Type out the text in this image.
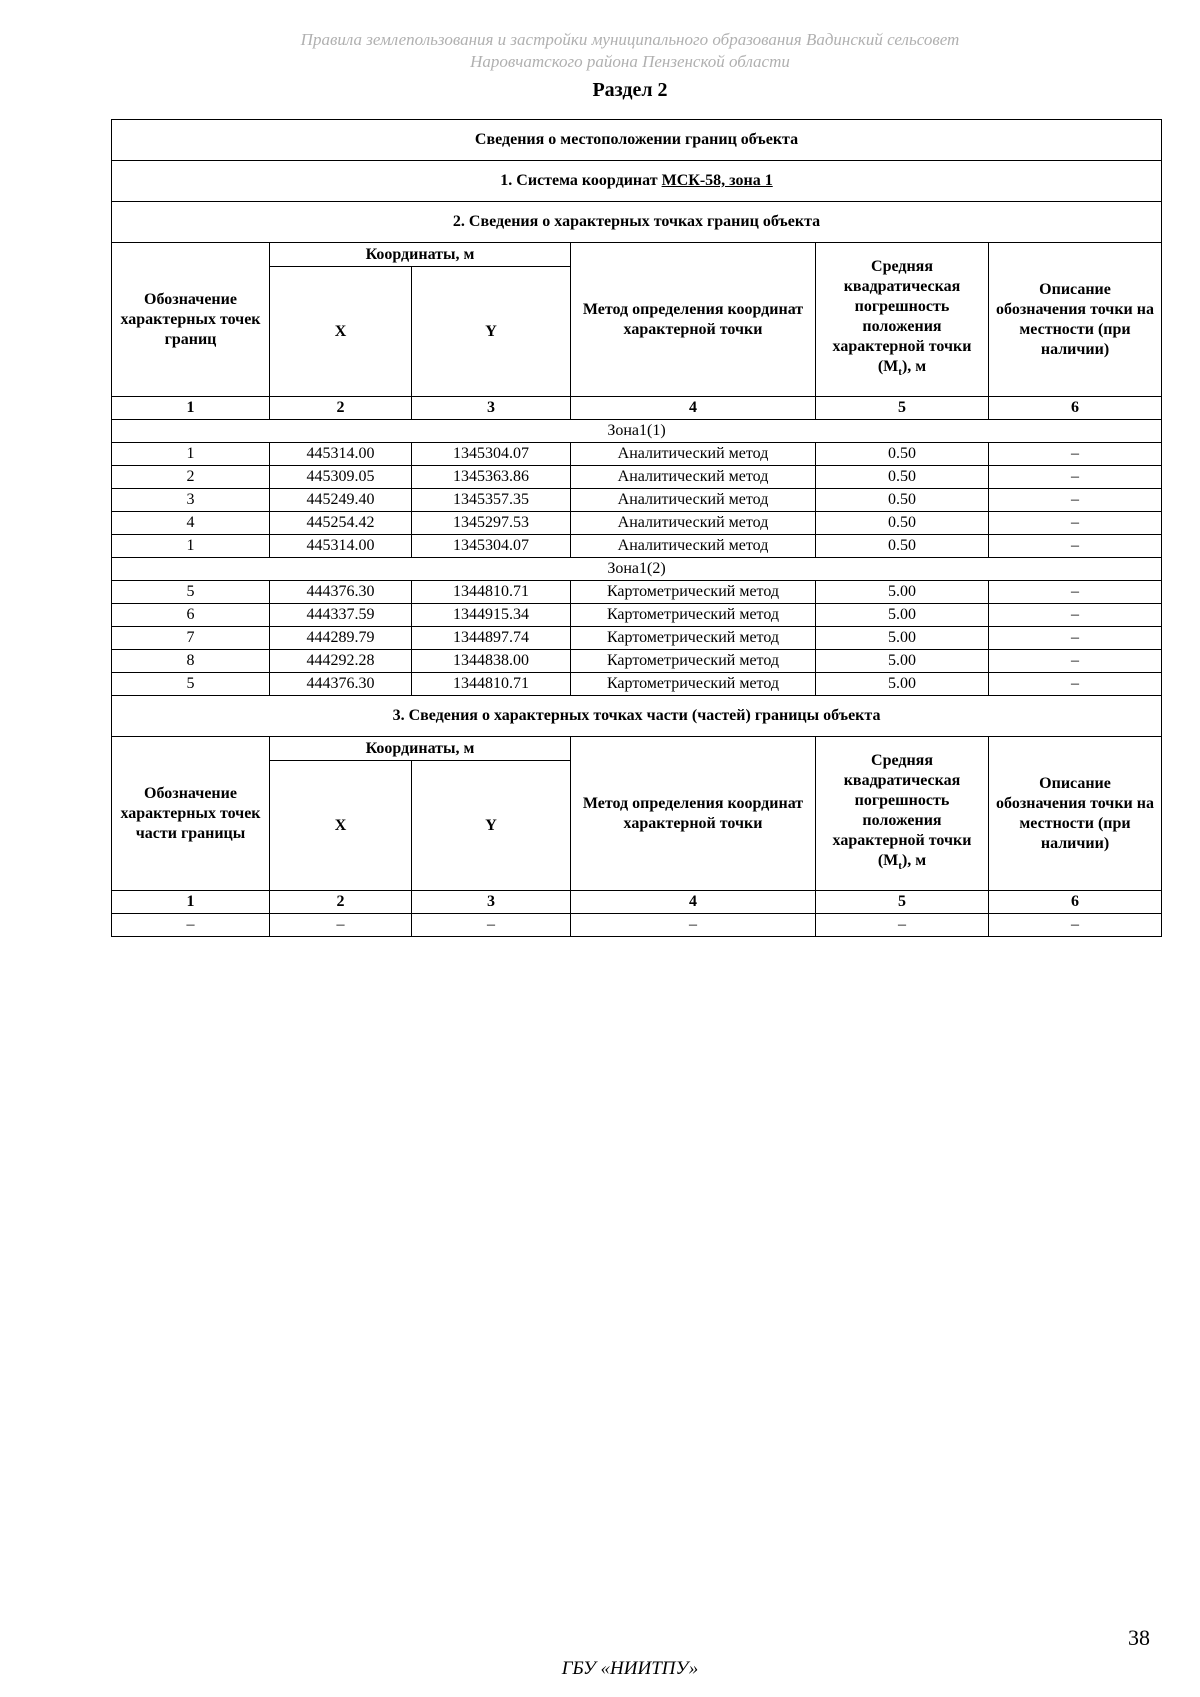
Правила землепользования и застройки муниципального образования Вадинский сельсовет
Наровчатского района Пензенской области
Раздел 2
Сведения о местоположении границ объекта					
1. Система координат МСК-58, зона 1					
2. Сведения о характерных точках границ объекта					
Обозначение характерных точек границ	Координаты, м		Метод определения координат характерной точки	Средняя квадратическая погрешность положения характерной точки $(M_t)$, м	Описание обозначения точки на местности (при наличии)
	X	Y			
1	2	3	4	5	6
Зона1(1)					
1	445314.00	1345304.07	Аналитический метод	0.50	–
2	445309.05	1345363.86	Аналитический метод	0.50	–
3	445249.40	1345357.35	Аналитический метод	0.50	–
4	445254.42	1345297.53	Аналитический метод	0.50	–
1	445314.00	1345304.07	Аналитический метод	0.50	–
Зона1(2)					
5	444376.30	1344810.71	Картометрический метод	5.00	–
6	444337.59	1344915.34	Картометрический метод	5.00	–
7	444289.79	1344897.74	Картометрический метод	5.00	–
8	444292.28	1344838.00	Картометрический метод	5.00	–
5	444376.30	1344810.71	Картометрический метод	5.00	–
3. Сведения о характерных точках части (частей) границы объекта					
Обозначение характерных точек части границы	Координаты, м		Метод определения координат характерной точки	Средняя квадратическая погрешность положения характерной точки $(M_t)$, м	Описание обозначения точки на местности (при наличии)
	X	Y			
1	2	3	4	5	6
–	–	–	–	–	–
38
ГБУ «НИИТПУ»
